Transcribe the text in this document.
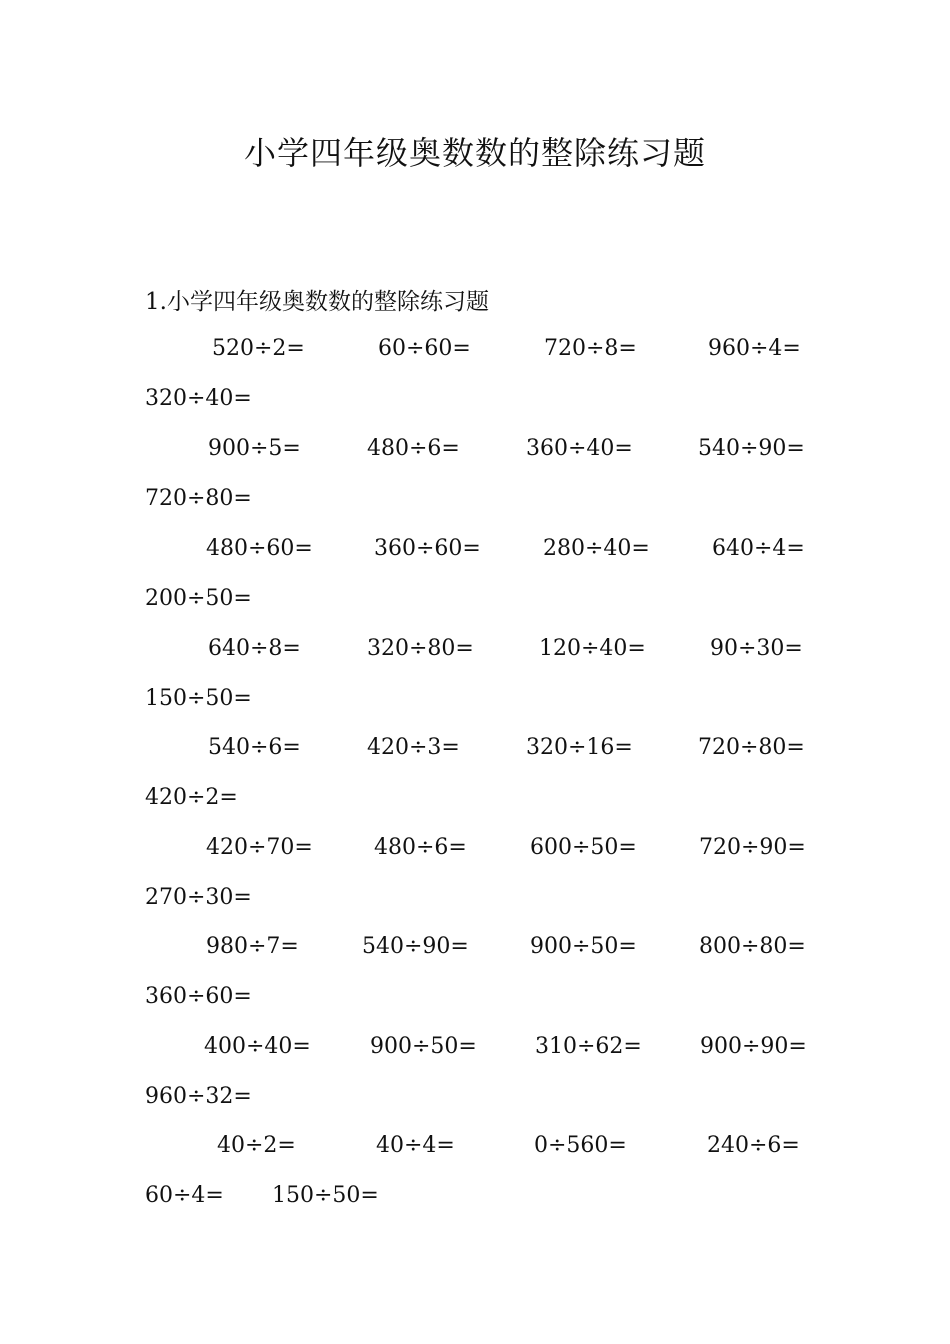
小学四年级奥数数的整除练习题
1.小学四年级奥数数的整除练习题
520÷2=	60÷60=	720÷8=	960÷4=
320÷40=
900÷5=	480÷6=	360÷40=	540÷90=
720÷80=
480÷60=	360÷60=	280÷40=	640÷4=
200÷50=
640÷8=	320÷80=	120÷40=	90÷30=
150÷50=
540÷6=	420÷3=	320÷16=	720÷80=
420÷2=
420÷70=	480÷6=	600÷50=	720÷90=
270÷30=
980÷7=	540÷90=	900÷50=	800÷80=
360÷60=
400÷40=	900÷50=	310÷62=	900÷90=
960÷32=
40÷2=	40÷4=	0÷560=	240÷6=
60÷4= 150÷50=
